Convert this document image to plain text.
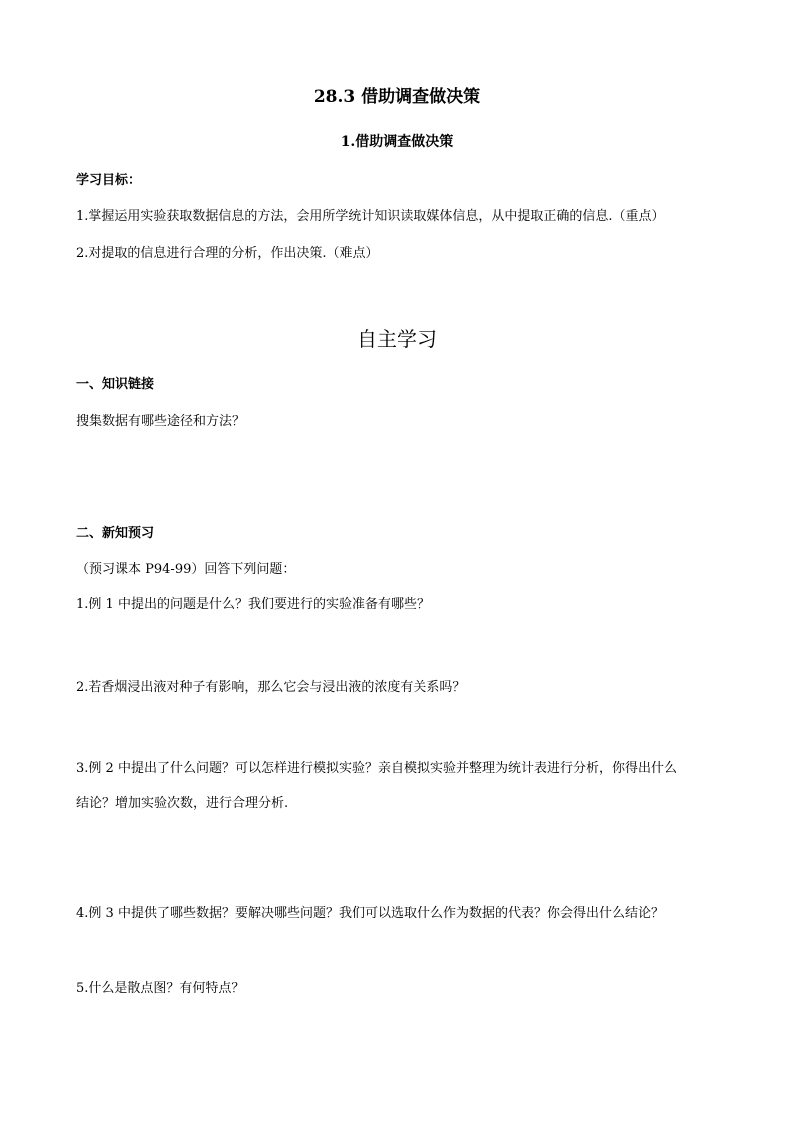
28.3 借助调查做决策
1.借助调查做决策
学习目标：
1.掌握运用实验获取数据信息的方法，会用所学统计知识读取媒体信息，从中提取正确的信息.（重点）
2.对提取的信息进行合理的分析，作出决策.（难点）
自主学习
一、知识链接
搜集数据有哪些途径和方法？
二、新知预习
（预习课本 P94-99）回答下列问题：
1.例 1 中提出的问题是什么？我们要进行的实验准备有哪些？
2.若香烟浸出液对种子有影响，那么它会与浸出液的浓度有关系吗？
3.例 2 中提出了什么问题？可以怎样进行模拟实验？亲自模拟实验并整理为统计表进行分析，你得出什么
结论？增加实验次数，进行合理分析.
4.例 3 中提供了哪些数据？要解决哪些问题？我们可以选取什么作为数据的代表？你会得出什么结论？
5.什么是散点图？有何特点？
